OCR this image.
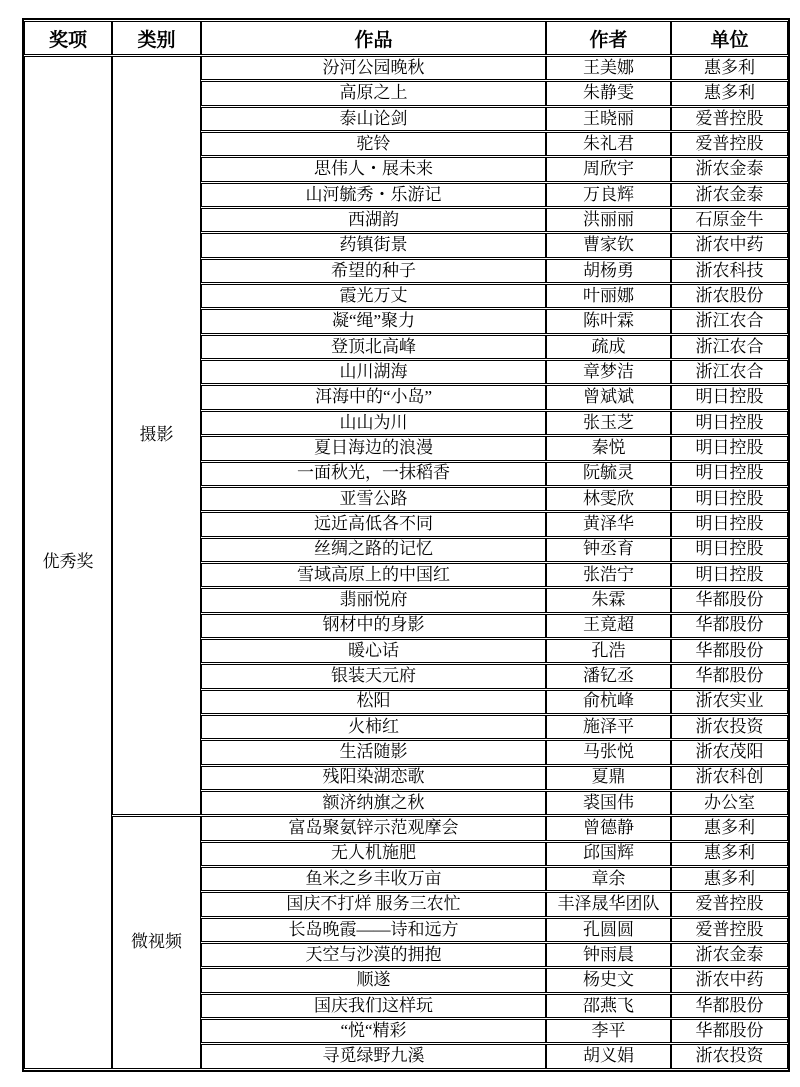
奖项	类别	作品	作者	单位
优秀奖	摄影	汾河公园晚秋	王美娜	惠多利
		高原之上	朱静雯	惠多利
		泰山论剑	王晓丽	爱普控股
		驼铃	朱礼君	爱普控股
		思伟人・展未来	周欣宇	浙农金泰
		山河毓秀・乐游记	万良辉	浙农金泰
		西湖韵	洪丽丽	石原金牛
		药镇街景	曹家钦	浙农中药
		希望的种子	胡杨勇	浙农科技
		霞光万丈	叶丽娜	浙农股份
		凝“绳”聚力	陈叶霖	浙江农合
		登顶北高峰	疏成	浙江农合
		山川湖海	章梦洁	浙江农合
		洱海中的“小岛”	曾斌斌	明日控股
		山山为川	张玉芝	明日控股
		夏日海边的浪漫	秦悦	明日控股
		一面秋光，一抹稻香	阮毓灵	明日控股
		亚雪公路	林雯欣	明日控股
		远近高低各不同	黄泽华	明日控股
		丝绸之路的记忆	钟丞育	明日控股
		雪域高原上的中国红	张浩宁	明日控股
		翡丽悦府	朱霖	华都股份
		钢材中的身影	王竟超	华都股份
		暖心话	孔浩	华都股份
		银装天元府	潘钇丞	华都股份
		松阳	俞杭峰	浙农实业
		火柿红	施泽平	浙农投资
		生活随影	马张悦	浙农茂阳
		残阳染湖恋歌	夏鼎	浙农科创
		额济纳旗之秋	裘国伟	办公室
	微视频	富岛聚氨锌示范观摩会	曾德静	惠多利
		无人机施肥	邱国辉	惠多利
		鱼米之乡丰收万亩	章余	惠多利
		国庆不打烊 服务三农忙	丰泽晟华团队	爱普控股
		长岛晚霞——诗和远方	孔圆圆	爱普控股
		天空与沙漠的拥抱	钟雨晨	浙农金泰
		顺遂	杨史文	浙农中药
		国庆我们这样玩	邵燕飞	华都股份
		“悦“精彩	李平	华都股份
		寻觅绿野九溪	胡义娟	浙农投资
